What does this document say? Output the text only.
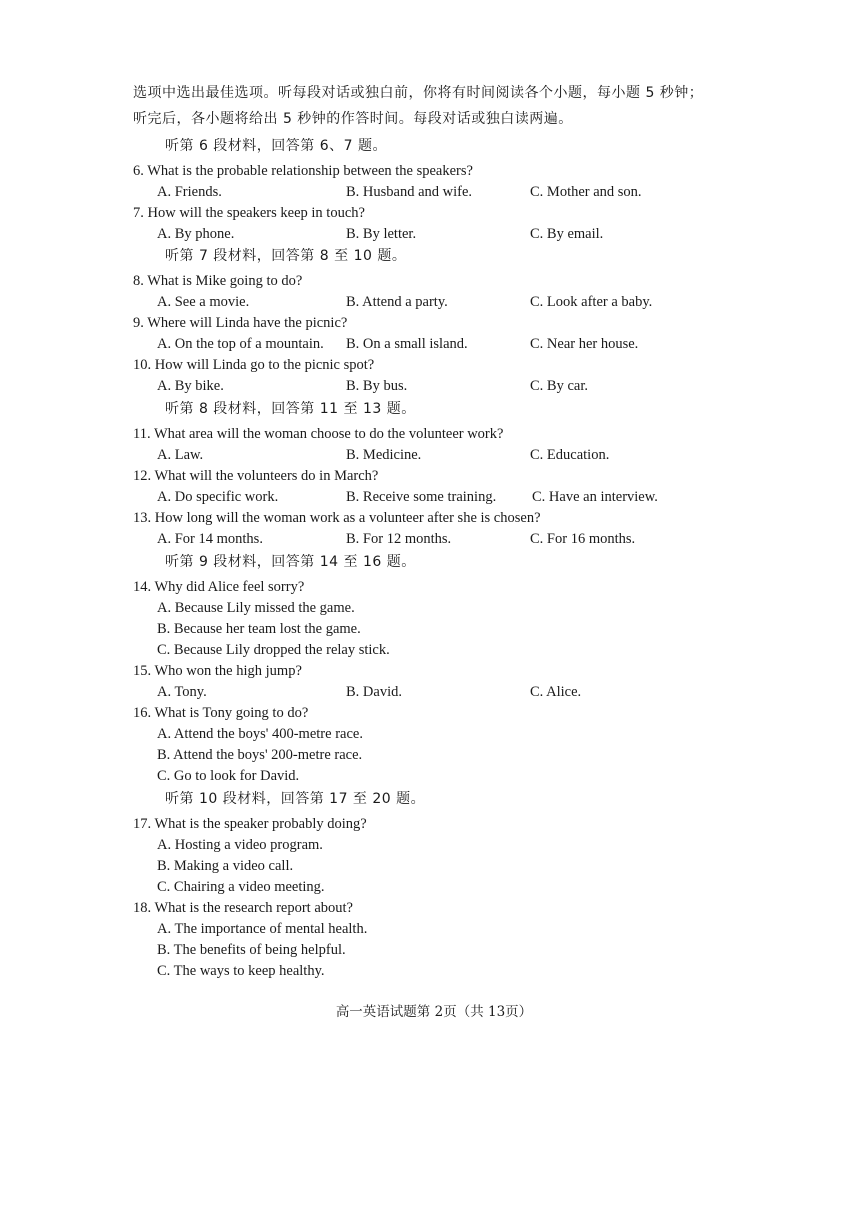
选项中选出最佳选项。听每段对话或独白前，你将有时间阅读各个小题，每小题 5 秒钟；
听完后，各小题将给出 5 秒钟的作答时间。每段对话或独白读两遍。
听第 6 段材料，回答第 6、7 题。
6. What is the probable relationship between the speakers?
A. Friends.	B. Husband and wife.	C. Mother and son.
7. How will the speakers keep in touch?
A. By phone.	B. By letter.	C. By email.
听第 7 段材料，回答第 8 至 10 题。
8. What is Mike going to do?
A. See a movie.	B. Attend a party.	C. Look after a baby.
9. Where will Linda have the picnic?
A. On the top of a mountain. B. On a small island.	C. Near her house.
10. How will Linda go to the picnic spot?
A. By bike.	B. By bus.	C. By car.
听第 8 段材料，回答第 11 至 13 题。
11. What area will the woman choose to do the volunteer work?
A. Law.	B. Medicine.	C. Education.
12. What will the volunteers do in March?
A. Do specific work.	B. Receive some training. C. Have an interview.
13. How long will the woman work as a volunteer after she is chosen?
A. For 14 months.	B. For 12 months.	C. For 16 months.
听第 9 段材料，回答第 14 至 16 题。
14. Why did Alice feel sorry?
A. Because Lily missed the game.
B. Because her team lost the game.
C. Because Lily dropped the relay stick.
15. Who won the high jump?
A. Tony.	B. David.	C. Alice.
16. What is Tony going to do?
A. Attend the boys' 400-metre race.
B. Attend the boys' 200-metre race.
C. Go to look for David.
听第 10 段材料，回答第 17 至 20 题。
17. What is the speaker probably doing?
A. Hosting a video program.
B. Making a video call.
C. Chairing a video meeting.
18. What is the research report about?
A. The importance of mental health.
B. The benefits of being helpful.
C. The ways to keep healthy.
高一英语试题第 2页（共 13页）
